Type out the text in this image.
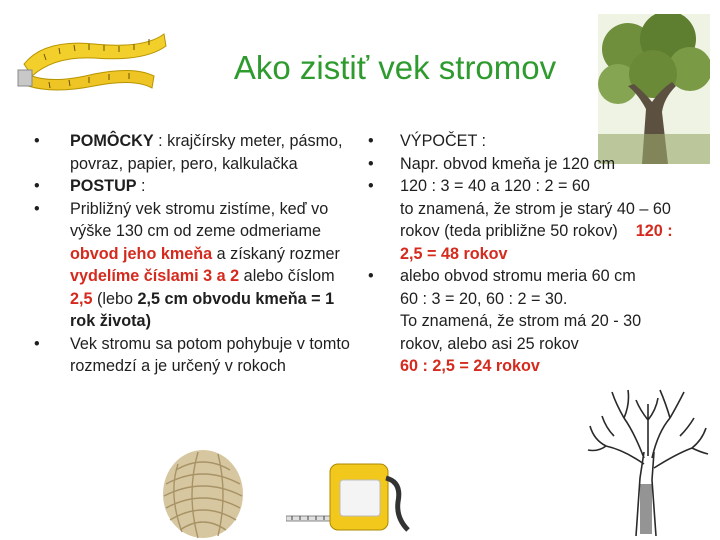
Ako zistiť vek stromov
• POMÔCKY : krajčírsky meter, pásmo, povraz, papier, pero, kalkulačka
• POSTUP :
• Približný vek stromu zistíme, keď vo výške 130 cm od zeme odmeriame obvod jeho kmeňa a získaný rozmer vydelíme číslami 3 a 2 alebo číslom 2,5 (lebo 2,5 cm obvodu kmeňa = 1 rok života)
• Vek stromu sa potom pohybuje v tomto rozmedzí a je určený v rokoch
• VÝPOČET :
• Napr. obvod kmeňa je 120 cm
• 120 : 3 = 40 a 120 : 2 = 60
to znamená, že strom je starý 40 – 60 rokov (teda približne 50 rokov) 120 : 2,5 = 48 rokov
• alebo obvod stromu meria 60 cm
60 : 3 = 20, 60 : 2 = 30.
To znamená, že strom má 20 - 30 rokov, alebo asi 25 rokov
60 : 2,5 = 24 rokov
